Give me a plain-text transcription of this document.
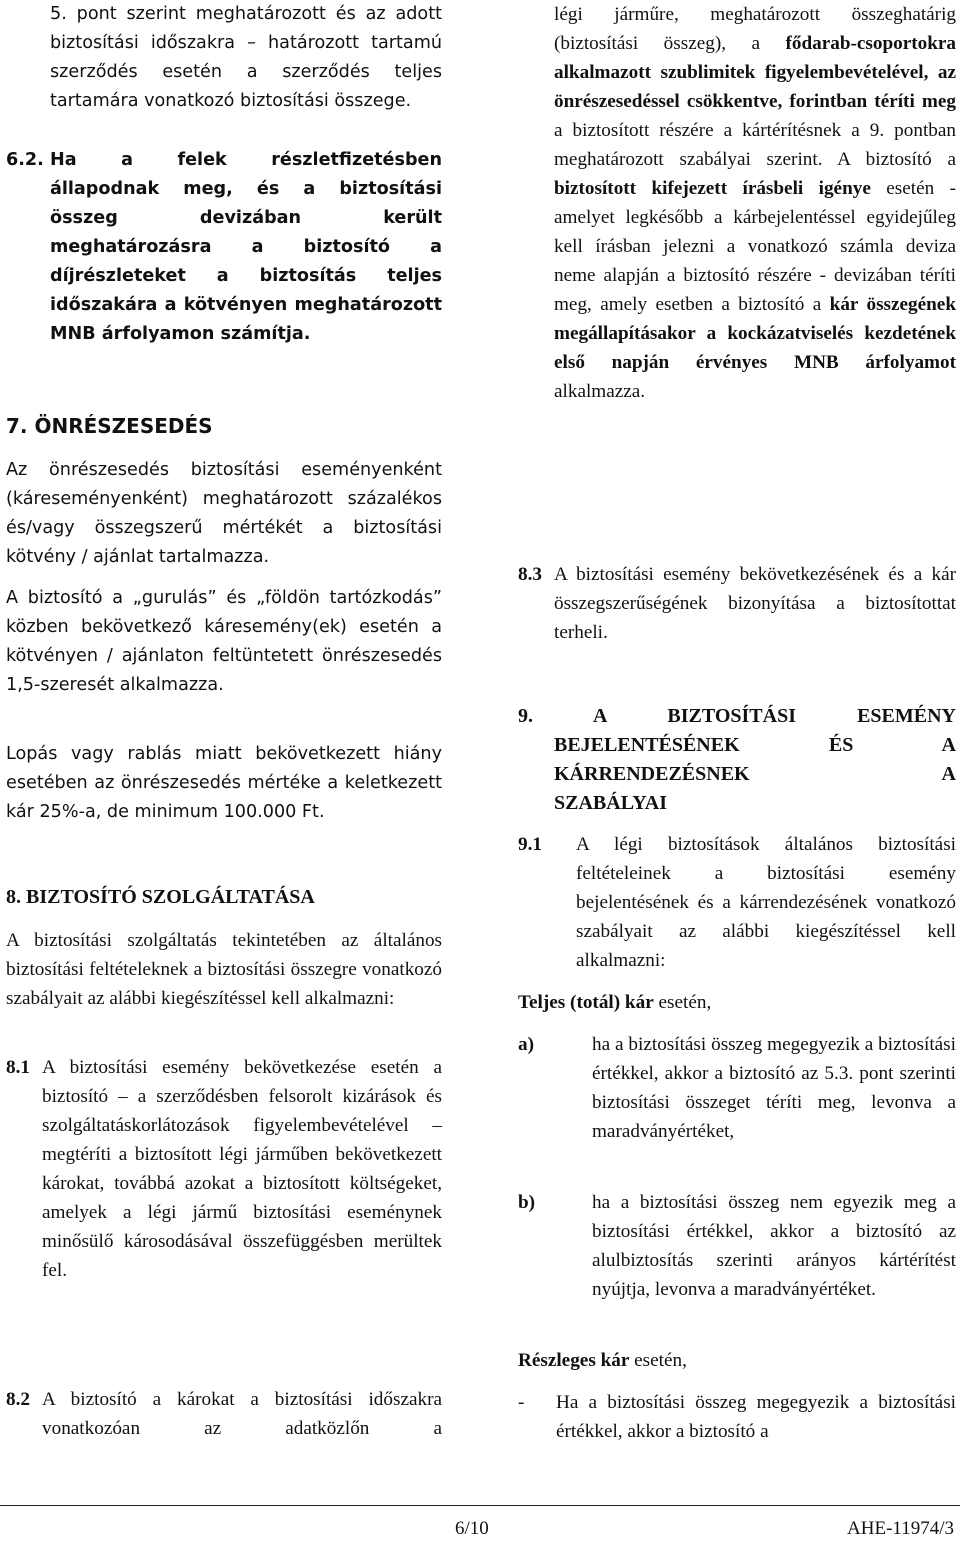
5. pont szerint meghatározott és az adott biztosítási időszakra – határozott tartamú szerződés esetén a szerződés teljes tartamára vonatkozó biztosítási összege.

6.2. Ha a felek részletfizetésben állapodnak meg, és a biztosítási összeg devizában került meghatározásra a biztosító a díjrészleteket a biztosítás teljes időszakára a kötvényen meghatározott MNB árfolyamon számítja.

7. ÖNRÉSZESEDÉS

Az önrészesedés biztosítási eseményenként (káreseményenként) meghatározott százalékos és/vagy összegszerű mértékét a biztosítási kötvény / ajánlat tartalmazza.

A biztosító a „gurulás” és „földön tartózkodás” közben bekövetkező káresemény(ek) esetén a kötvényen / ajánlaton feltüntetett önrészesedés 1,5-szeresét alkalmazza.

Lopás vagy rablás miatt bekövetkezett hiány esetében az önrészesedés mértéke a keletkezett kár 25%-a, de minimum 100.000 Ft.

8. BIZTOSÍTÓ SZOLGÁLTATÁSA

A biztosítási szolgáltatás tekintetében az általános biztosítási feltételeknek a biztosítási összegre vonatkozó szabályait az alábbi kiegészítéssel kell alkalmazni:

8.1 A biztosítási esemény bekövetkezése esetén a biztosító – a szerződésben felsorolt kizárások és szolgáltatáskorlátozások figyelembevételével – megtéríti a biztosított légi járműben bekövetkezett károkat, továbbá azokat a biztosított költségeket, amelyek a légi jármű biztosítási eseménynek minősülő károsodásával összefüggésben merültek fel.

8.2 A biztosító a károkat a biztosítási időszakra vonatkozóan az adatközlőn a

légi járműre, meghatározott összeghatárig (biztosítási összeg), a fődarab-csoportokra alkalmazott szublimitek figyelembevételével, az önrészesedéssel csökkentve, forintban téríti meg a biztosított részére a kártérítésnek a 9. pontban meghatározott szabályai szerint. A biztosító a biztosított kifejezett írásbeli igénye esetén - amelyet legkésőbb a kárbejelentéssel egyidejűleg kell írásban jelezni a vonatkozó számla deviza neme alapján a biztosító részére - devizában téríti meg, amely esetben a biztosító a kár összegének megállapításakor a kockázatviselés kezdetének első napján érvényes MNB árfolyamot alkalmazza.

8.3 A biztosítási esemény bekövetkezésének és a kár összegszerűségének bizonyítása a biztosítottat terheli.

9. A BIZTOSÍTÁSI ESEMÉNY

BEJELENTÉSÉNEK ÉS A

KÁRRENDEZÉSNEK A

SZABÁLYAI

9.1 A légi biztosítások általános biztosítási feltételeinek a biztosítási esemény bejelentésének és a kárrendezésének vonatkozó szabályait az alábbi kiegészítéssel kell alkalmazni:

Teljes (totál) kár esetén,

a)	ha a biztosítási összeg megegyezik a biztosítási értékkel, akkor a biztosító az 5.3. pont szerinti biztosítási összeget téríti meg, levonva a maradványértéket,

b)	ha a biztosítási összeg nem egyezik meg a biztosítási értékkel, akkor a biztosító az alulbiztosítás szerinti arányos kártérítést nyújtja, levonva a maradványértéket.

Részleges kár esetén,

- Ha a biztosítási összeg megegyezik a biztosítási értékkel, akkor a biztosító a

6/10	AHE-11974/3
